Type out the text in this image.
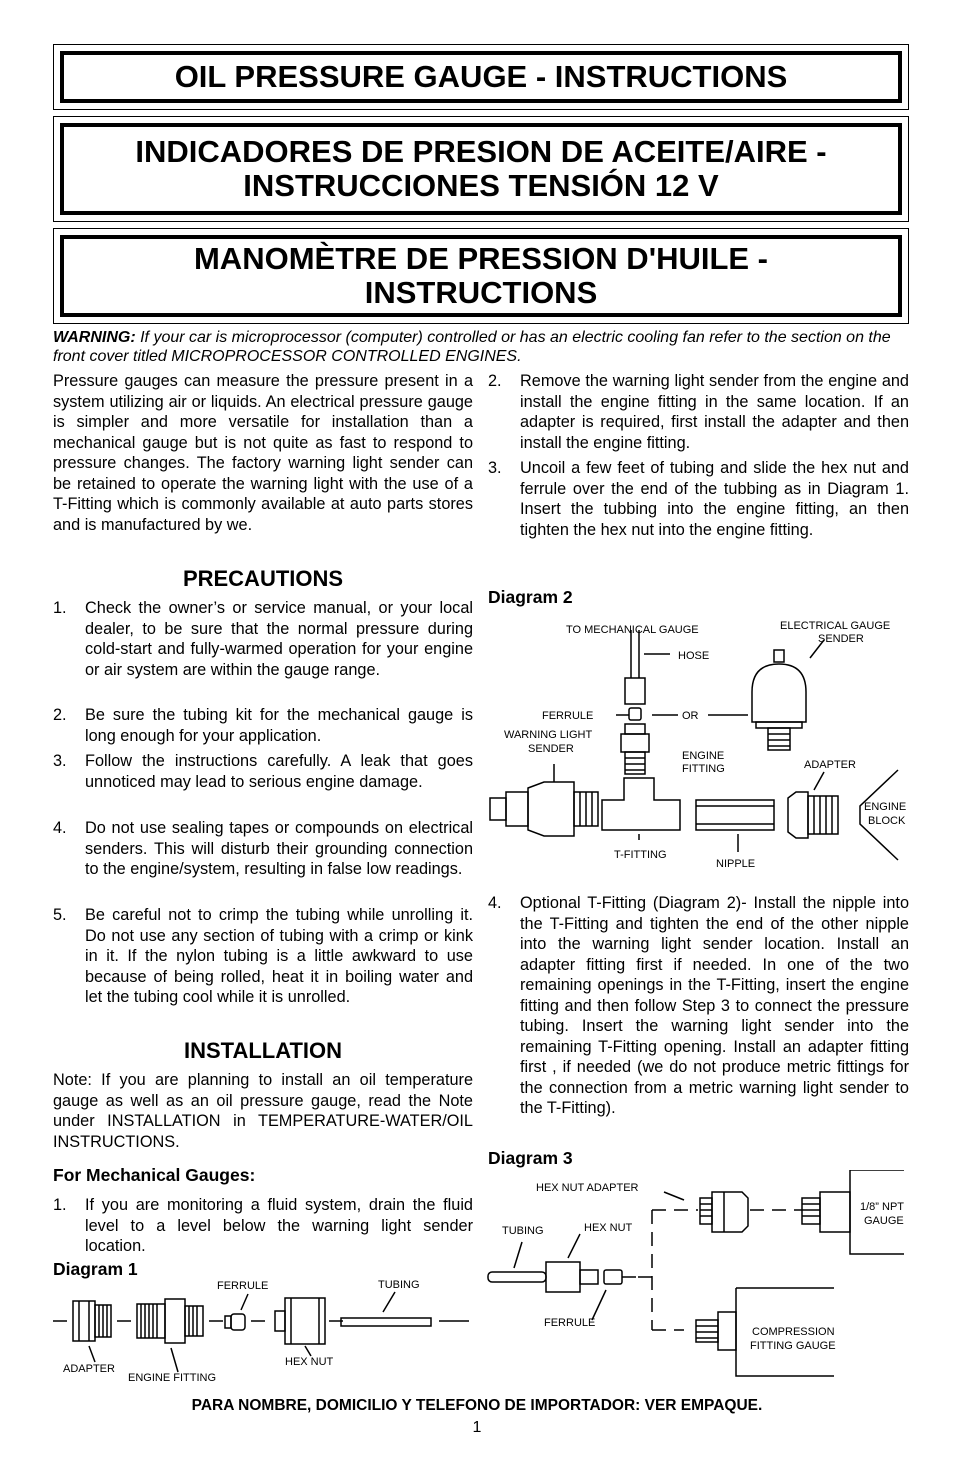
OIL PRESSURE GAUGE - INSTRUCTIONS
INDICADORES DE PRESION DE ACEITE/AIRE -
INSTRUCCIONES TENSIÓN 12 V
MANOMÈTRE DE PRESSION D'HUILE -
INSTRUCTIONS
WARNING: If your car is microprocessor (computer) controlled or has an electric cooling fan refer to the section on the front cover titled MICROPROCESSOR CONTROLLED ENGINES.
Pressure gauges can measure the pressure present in a system utilizing air or liquids. An electrical pressure gauge is simpler and more versatile for installation than a mechanical gauge but is not quite as fast to respond to pressure changes. The factory warning light sender can be retained to operate the warning light with the use of a T-Fitting which is commonly available at auto parts stores and is manufactured by we.
PRECAUTIONS
1.	Check the owner’s or service manual, or your local dealer, to be sure that the normal pressure during cold-start and fully-warmed operation for your engine or air system are within the gauge range.
2.	Be sure the tubing kit for the mechanical gauge is long enough for your application.
3.	Follow the instructions carefully. A leak that goes unnoticed may lead to serious engine damage.
4.	Do not use sealing tapes or compounds on electrical senders. This will disturb their grounding connection to the engine/system, resulting in false low readings.
5.	Be careful not to crimp the tubing while unrolling it. Do not use any section of tubing with a crimp or kink in it. If the nylon tubing is a little awkward to use because of being rolled, heat it in boiling water and let the tubing cool while it is unrolled.
INSTALLATION
Note: If you are planning to install an oil temperature gauge as well as an oil pressure gauge, read the Note under INSTALLATION in TEMPERATURE-WATER/OIL INSTRUCTIONS.
For Mechanical Gauges:
1.	If you are monitoring a fluid system, drain the fluid level to a level below the warning light sender location.
Diagram 1
FERRULE	TUBING
ADAPTER
ENGINE FITTING
HEX NUT
2.	Remove the warning light sender from the engine and install the engine fitting in the same location. If an adapter is required, first install the adapter and then install the engine fitting.
3.	Uncoil a few feet of tubing and slide the hex nut and ferrule over the end of the tubbing as in Diagram 1. Insert the tubbing into the engine fitting, an then tighten the hex nut into the engine fitting.
Diagram 2
TO MECHANICAL GAUGE
HOSE
ELECTRICAL GAUGE
SENDER
FERRULE	OR
WARNING LIGHT
SENDER
ENGINE
FITTING	ADAPTER
ENGINE
BLOCK
T-FITTING
NIPPLE
4.	Optional T-Fitting (Diagram 2)- Install the nipple into the T-Fitting and tighten the end of the other nipple into the warning light sender location. Install an adapter fitting first if needed. In one of the two remaining openings in the T-Fitting, insert the engine fitting and then follow Step 3 to connect the pressure tubing. Insert the warning light sender into the remaining T-Fitting opening. Install an adapter fitting first , if needed (we do not produce metric fittings for the connection from a metric warning light sender to the T-Fitting).
Diagram 3
HEX NUT ADAPTER
TUBING	HEX NUT
FERRULE
1/8” NPT
GAUGE
COMPRESSION
FITTING GAUGE
PARA NOMBRE, DOMICILIO Y TELEFONO DE IMPORTADOR: VER EMPAQUE.
1
